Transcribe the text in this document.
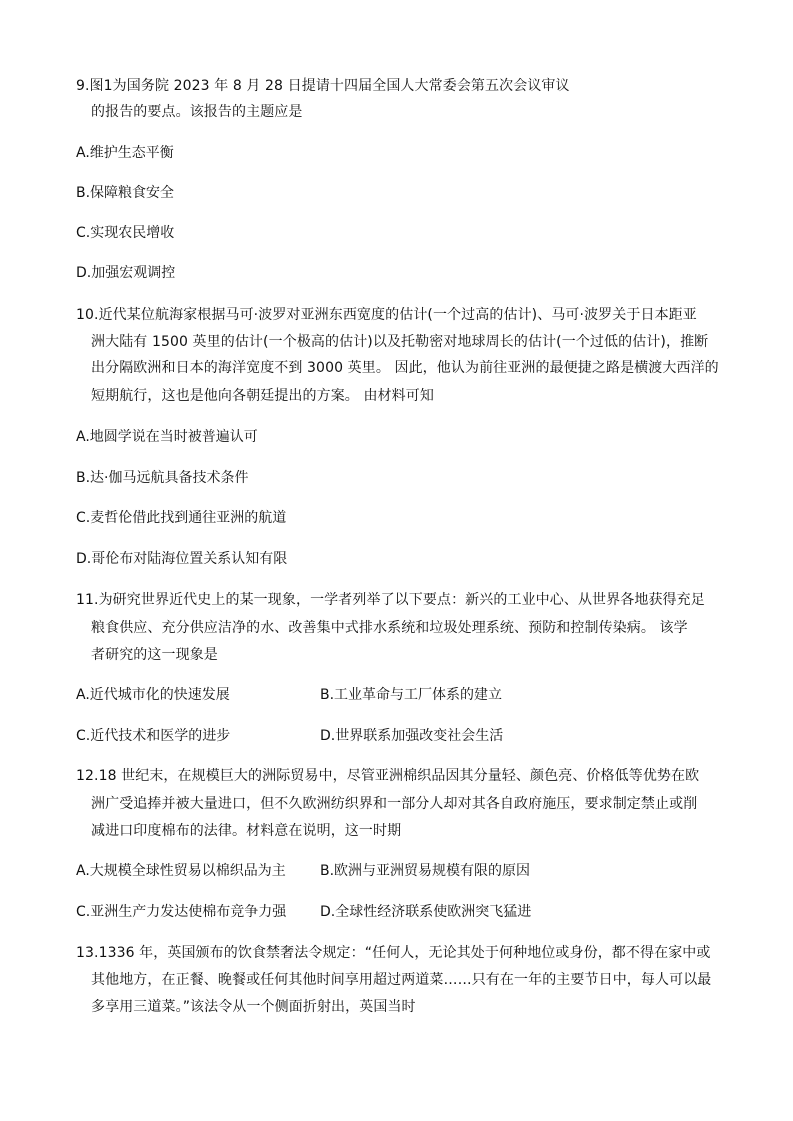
9.图1为国务院 2023 年 8 月 28 日提请十四届全国人大常委会第五次会议审议
的报告的要点。该报告的主题应是
A.维护生态平衡
B.保障粮食安全
C.实现农民增收
D.加强宏观调控
10.近代某位航海家根据马可·波罗对亚洲东西宽度的估计(一个过高的估计)、马可·波罗关于日本距亚
洲大陆有 1500 英里的估计(一个极高的估计)以及托勒密对地球周长的估计(一个过低的估计)，推断
出分隔欧洲和日本的海洋宽度不到 3000 英里。 因此，他认为前往亚洲的最便捷之路是横渡大西洋的
短期航行，这也是他向各朝廷提出的方案。 由材料可知
A.地圆学说在当时被普遍认可
B.达·伽马远航具备技术条件
C.麦哲伦借此找到通往亚洲的航道
D.哥伦布对陆海位置关系认知有限
11.为研究世界近代史上的某一现象，一学者列举了以下要点：新兴的工业中心、从世界各地获得充足
粮食供应、充分供应洁净的水、改善集中式排水系统和垃圾处理系统、预防和控制传染病。 该学
者研究的这一现象是
A.近代城市化的快速发展	B.工业革命与工厂体系的建立
C.近代技术和医学的进步	D.世界联系加强改变社会生活
12.18 世纪末，在规模巨大的洲际贸易中，尽管亚洲棉织品因其分量轻、颜色亮、价格低等优势在欧
洲广受追捧并被大量进口，但不久欧洲纺织界和一部分人却对其各自政府施压，要求制定禁止或削
减进口印度棉布的法律。材料意在说明，这一时期
A.大规模全球性贸易以棉织品为主 B.欧洲与亚洲贸易规模有限的原因
C.亚洲生产力发达使棉布竞争力强 D.全球性经济联系使欧洲突飞猛进
13.1336 年，英国颁布的饮食禁奢法令规定：“任何人，无论其处于何种地位或身份，都不得在家中或
其他地方，在正餐、晚餐或任何其他时间享用超过两道菜……只有在一年的主要节日中，每人可以最
多享用三道菜。”该法令从一个侧面折射出，英国当时
